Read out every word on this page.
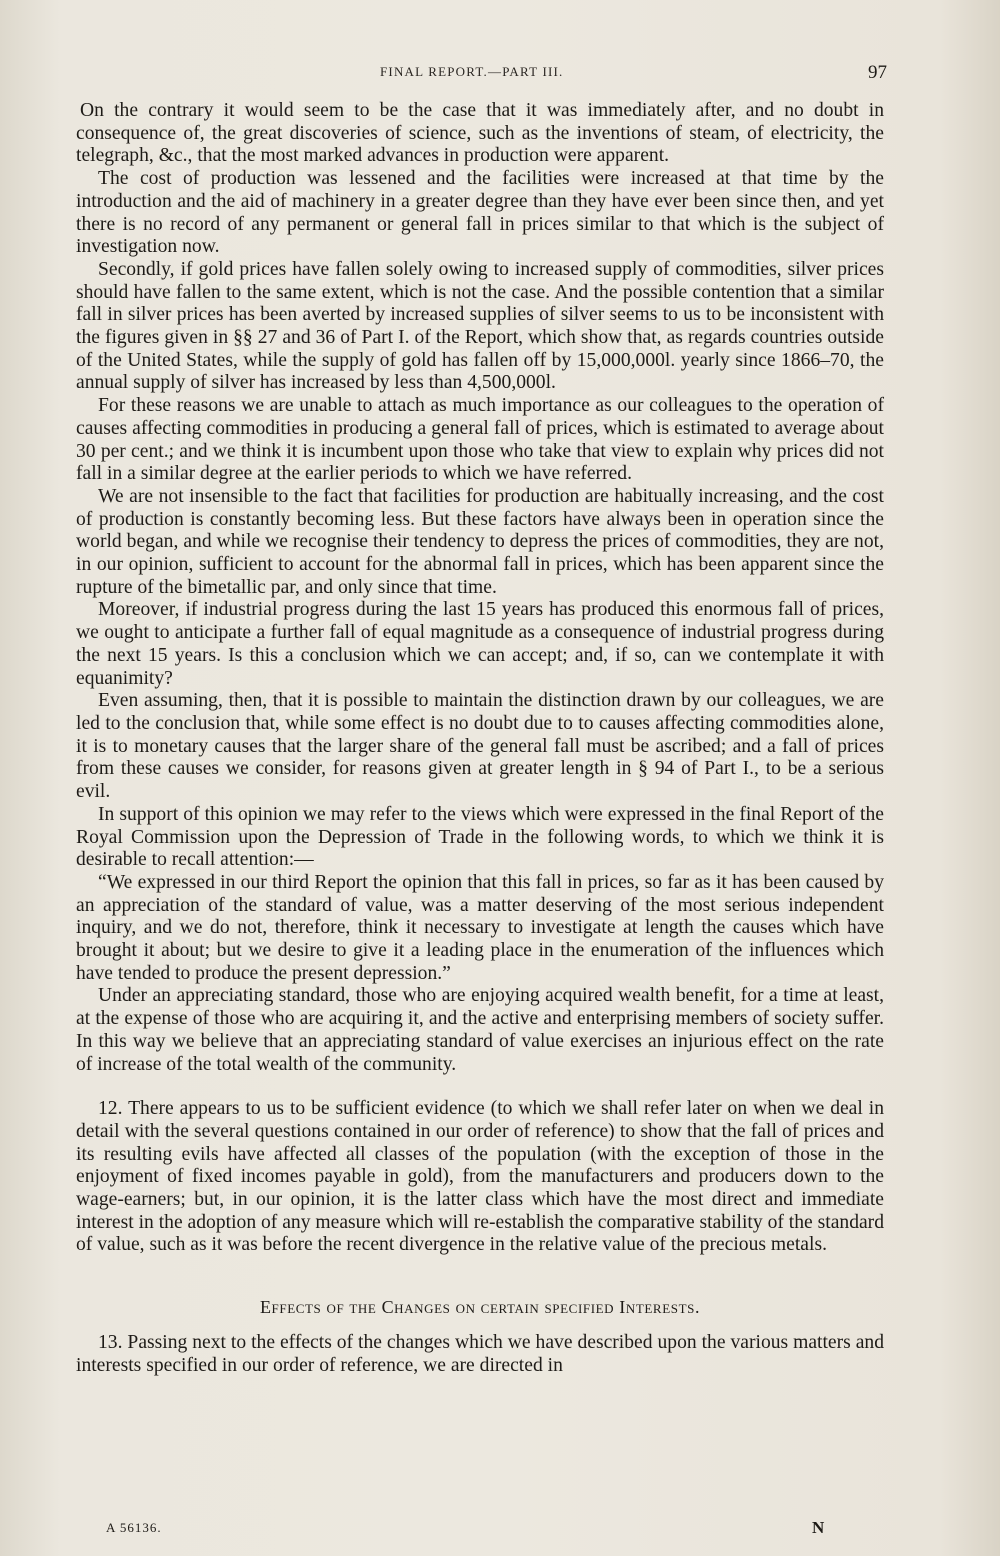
FINAL REPORT.—PART III.	97

On the contrary it would seem to be the case that it was immediately after, and no doubt in consequence of, the great discoveries of science, such as the inventions of steam, of electricity, the telegraph, &c., that the most marked advances in production were apparent.

The cost of production was lessened and the facilities were increased at that time by the introduction and the aid of machinery in a greater degree than they have ever been since then, and yet there is no record of any permanent or general fall in prices similar to that which is the subject of investigation now.

Secondly, if gold prices have fallen solely owing to increased supply of commodities, silver prices should have fallen to the same extent, which is not the case. And the possible contention that a similar fall in silver prices has been averted by increased supplies of silver seems to us to be inconsistent with the figures given in §§ 27 and 36 of Part I. of the Report, which show that, as regards countries outside of the United States, while the supply of gold has fallen off by 15,000,000l. yearly since 1866–70, the annual supply of silver has increased by less than 4,500,000l.

For these reasons we are unable to attach as much importance as our colleagues to the operation of causes affecting commodities in producing a general fall of prices, which is estimated to average about 30 per cent.; and we think it is incumbent upon those who take that view to explain why prices did not fall in a similar degree at the earlier periods to which we have referred.

We are not insensible to the fact that facilities for production are habitually increasing, and the cost of production is constantly becoming less. But these factors have always been in operation since the world began, and while we recognise their tendency to depress the prices of commodities, they are not, in our opinion, sufficient to account for the abnormal fall in prices, which has been apparent since the rupture of the bimetallic par, and only since that time.

Moreover, if industrial progress during the last 15 years has produced this enormous fall of prices, we ought to anticipate a further fall of equal magnitude as a consequence of industrial progress during the next 15 years. Is this a conclusion which we can accept; and, if so, can we contemplate it with equanimity?

Even assuming, then, that it is possible to maintain the distinction drawn by our colleagues, we are led to the conclusion that, while some effect is no doubt due to to causes affecting commodities alone, it is to monetary causes that the larger share of the general fall must be ascribed; and a fall of prices from these causes we consider, for reasons given at greater length in § 94 of Part I., to be a serious evil.

In support of this opinion we may refer to the views which were expressed in the final Report of the Royal Commission upon the Depression of Trade in the following words, to which we think it is desirable to recall attention:—

“We expressed in our third Report the opinion that this fall in prices, so far as it has been caused by an appreciation of the standard of value, was a matter deserving of the most serious independent inquiry, and we do not, therefore, think it necessary to investigate at length the causes which have brought it about; but we desire to give it a leading place in the enumeration of the influences which have tended to produce the present depression.”

Under an appreciating standard, those who are enjoying acquired wealth benefit, for a time at least, at the expense of those who are acquiring it, and the active and enterprising members of society suffer. In this way we believe that an appreciating standard of value exercises an injurious effect on the rate of increase of the total wealth of the community.

12. There appears to us to be sufficient evidence (to which we shall refer later on when we deal in detail with the several questions contained in our order of reference) to show that the fall of prices and its resulting evils have affected all classes of the population (with the exception of those in the enjoyment of fixed incomes payable in gold), from the manufacturers and producers down to the wage-earners; but, in our opinion, it is the latter class which have the most direct and immediate interest in the adoption of any measure which will re-establish the comparative stability of the standard of value, such as it was before the recent divergence in the relative value of the precious metals.

Effects of the Changes on certain specified Interests.

13. Passing next to the effects of the changes which we have described upon the various matters and interests specified in our order of reference, we are directed in

A 56136.	N
